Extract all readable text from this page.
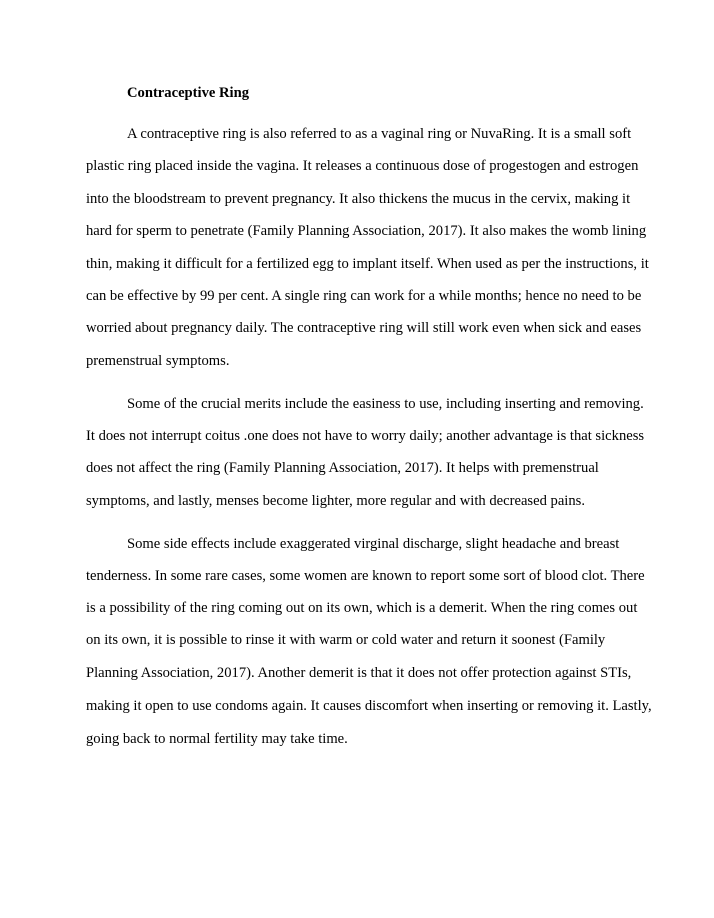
Contraceptive Ring
A contraceptive ring is also referred to as a vaginal ring or NuvaRing. It is a small soft
plastic ring placed inside the vagina. It releases a continuous dose of progestogen and estrogen
into the bloodstream to prevent pregnancy. It also thickens the mucus in the cervix, making it
hard for sperm to penetrate (Family Planning Association, 2017). It also makes the womb lining
thin, making it difficult for a fertilized egg to implant itself. When used as per the instructions, it
can be effective by 99 per cent. A single ring can work for a while months; hence no need to be
worried about pregnancy daily. The contraceptive ring will still work even when sick and eases
premenstrual symptoms.
Some of the crucial merits include the easiness to use, including inserting and removing.
It does not interrupt coitus .one does not have to worry daily; another advantage is that sickness
does not affect the ring (Family Planning Association, 2017). It helps with premenstrual
symptoms, and lastly, menses become lighter, more regular and with decreased pains.
Some side effects include exaggerated virginal discharge, slight headache and breast
tenderness. In some rare cases, some women are known to report some sort of blood clot. There
is a possibility of the ring coming out on its own, which is a demerit. When the ring comes out
on its own, it is possible to rinse it with warm or cold water and return it soonest (Family
Planning Association, 2017). Another demerit is that it does not offer protection against STIs,
making it open to use condoms again. It causes discomfort when inserting or removing it. Lastly,
going back to normal fertility may take time.
